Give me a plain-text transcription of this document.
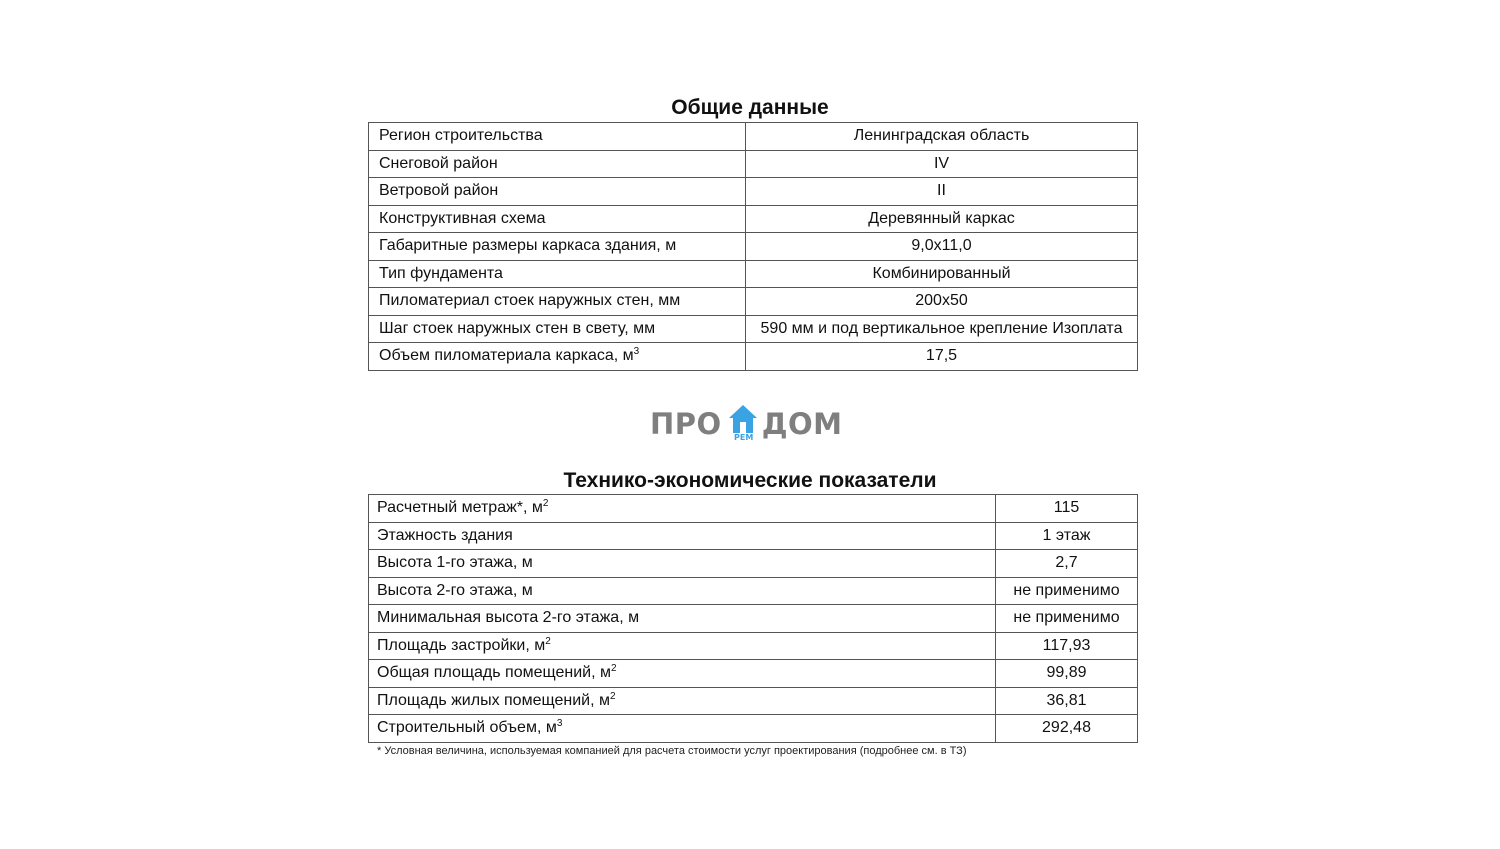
Общие данные
Регион строительства	Ленинградская область
Снеговой район	IV
Ветровой район	II
Конструктивная схема	Деревянный каркас
Габаритные размеры каркаса здания, м	9,0х11,0
Тип фундамента	Комбинированный
Пиломатериал стоек наружных стен, мм	200х50
Шаг стоек наружных стен в свету, мм	590 мм и под вертикальное крепление Изоплата
Объем пиломатериала каркаса, $м^3$	17,5
ПРО	РЕМ ДОМ
Технико-экономические показатели
Расчетный метраж*, $м^2$	115
Этажность здания	1 этаж
Высота 1-го этажа, м	2,7
Высота 2-го этажа, м	не применимо
Минимальная высота 2-го этажа, м	не применимо
Площадь застройки, $м^2$	117,93
Общая площадь помещений, $м^2$	99,89
Площадь жилых помещений, $м^2$	36,81
Строительный объем, $м^3$	292,48
* Условная величина, используемая компанией для расчета стоимости услуг проектирования (подробнее см. в ТЗ)
